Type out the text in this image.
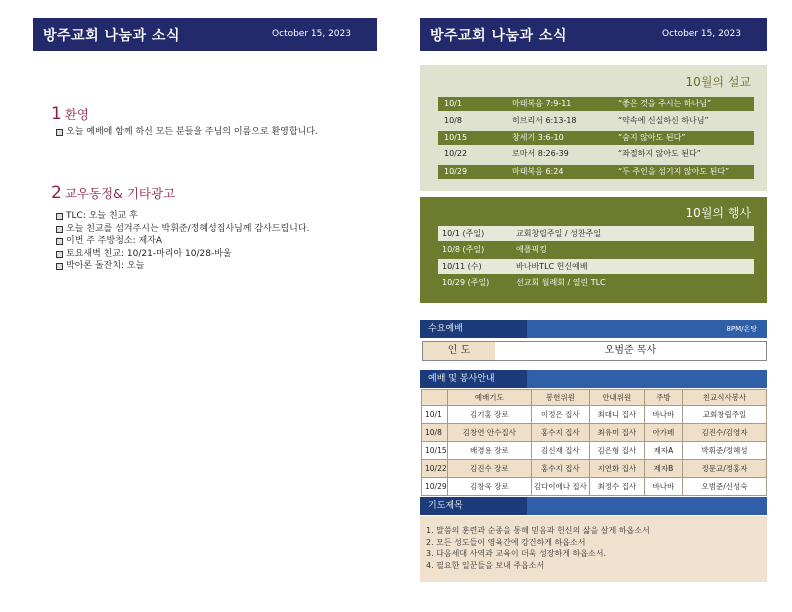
방주교회 나눔과 소식	October 15, 2023
1 환영
오늘 예배에 함께 하신 모든 분들을 주님의 이름으로 환영합니다.
2 교우동정& 기타광고
TLC: 오늘 친교 후
오늘 친교를 섬겨주시는 박휘준/정혜성집사님께 감사드립니다.
이번 주 주방청소: 제자A
토요새벽 친교: 10/21-마리아 10/28-바울
박아론 돌잔치: 오늘
방주교회 나눔과 소식	October 15, 2023
10월의 설교
10/1	마태복음 7:9-11	“좋은 것을 주시는 하나님”
10/8	히브리서 6:13-18	“약속에 신실하신 하나님”
10/15	창세기 3:6-10	“숨지 않아도 된다”
10/22	로마서 8:26-39	“좌절하지 않아도 된다”
10/29	마태복음 6:24	“두 주인을 섬기지 않아도 된다”
10월의 행사
10/1 (주일)	교회창립주일 / 성찬주일
10/8 (주일)	애플픽킹
10/11 (수)	바나바TLC 헌신예배
10/29 (주일)	선교회 월례회 / 열린 TLC
수요예배	8PM/온탕
인 도	오범준 목사
예배 및 봉사안내
	예배기도	봉헌위원	안내위원	주방	친교식사봉사
10/1	김기홍 장로	이정은 집사	최대니 집사	바나바	교회창립주일
10/8	김창연 안수집사	홍수지 집사	최유미 집사	아가페	김진수/김영자
10/15	배경용 장로	김신재 집사	김은형 집사	제자A	박휘준/정혜성
10/22	김진수 장로	홍수지 집사	지연화 집사	제자B	정문교/정홍자
10/29	김창욱 장로	김다이애나 집사	최정수 집사	바나바	오범준/신성숙
기도제목
1. 말씀의 훈련과 순종을 통해 믿음과 헌신의 삶을 살게 하옵소서
2. 모든 성도들이 영육간에 강건하게 하옵소서
3. 다음세대 사역과 교육이 더욱 성장하게 하옵소서.
4. 필요한 일꾼들을 보내 주옵소서
